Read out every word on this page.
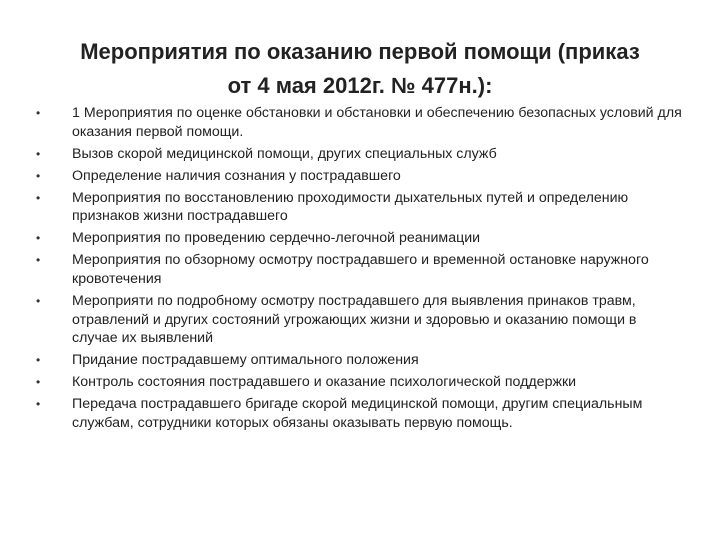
Мероприятия по оказанию первой помощи (приказ
от 4 мая 2012г. № 477н.):
•	1 Мероприятия по оценке обстановки и обстановки и обеспечению безопасных условий для оказания первой помощи.
•	Вызов скорой медицинской помощи, других специальных служб
•	Определение наличия сознания у пострадавшего
•	Мероприятия по восстановлению проходимости дыхательных путей и определению признаков жизни пострадавшего
•	Мероприятия по проведению сердечно-легочной реанимации
•	Мероприятия по обзорному осмотру пострадавшего и временной остановке наружного кровотечения
•	Мероприяти по подробному осмотру пострадавшего для выявления принаков травм, отравлений и других состояний угрожающих жизни и здоровью и оказанию помощи в случае их выявлений
•	Придание пострадавшему оптимального положения
•	Контроль состояния пострадавшего и оказание психологической поддержки
•	Передача пострадавшего бригаде скорой медицинской помощи, другим специальным службам, сотрудники которых обязаны оказывать первую помощь.
